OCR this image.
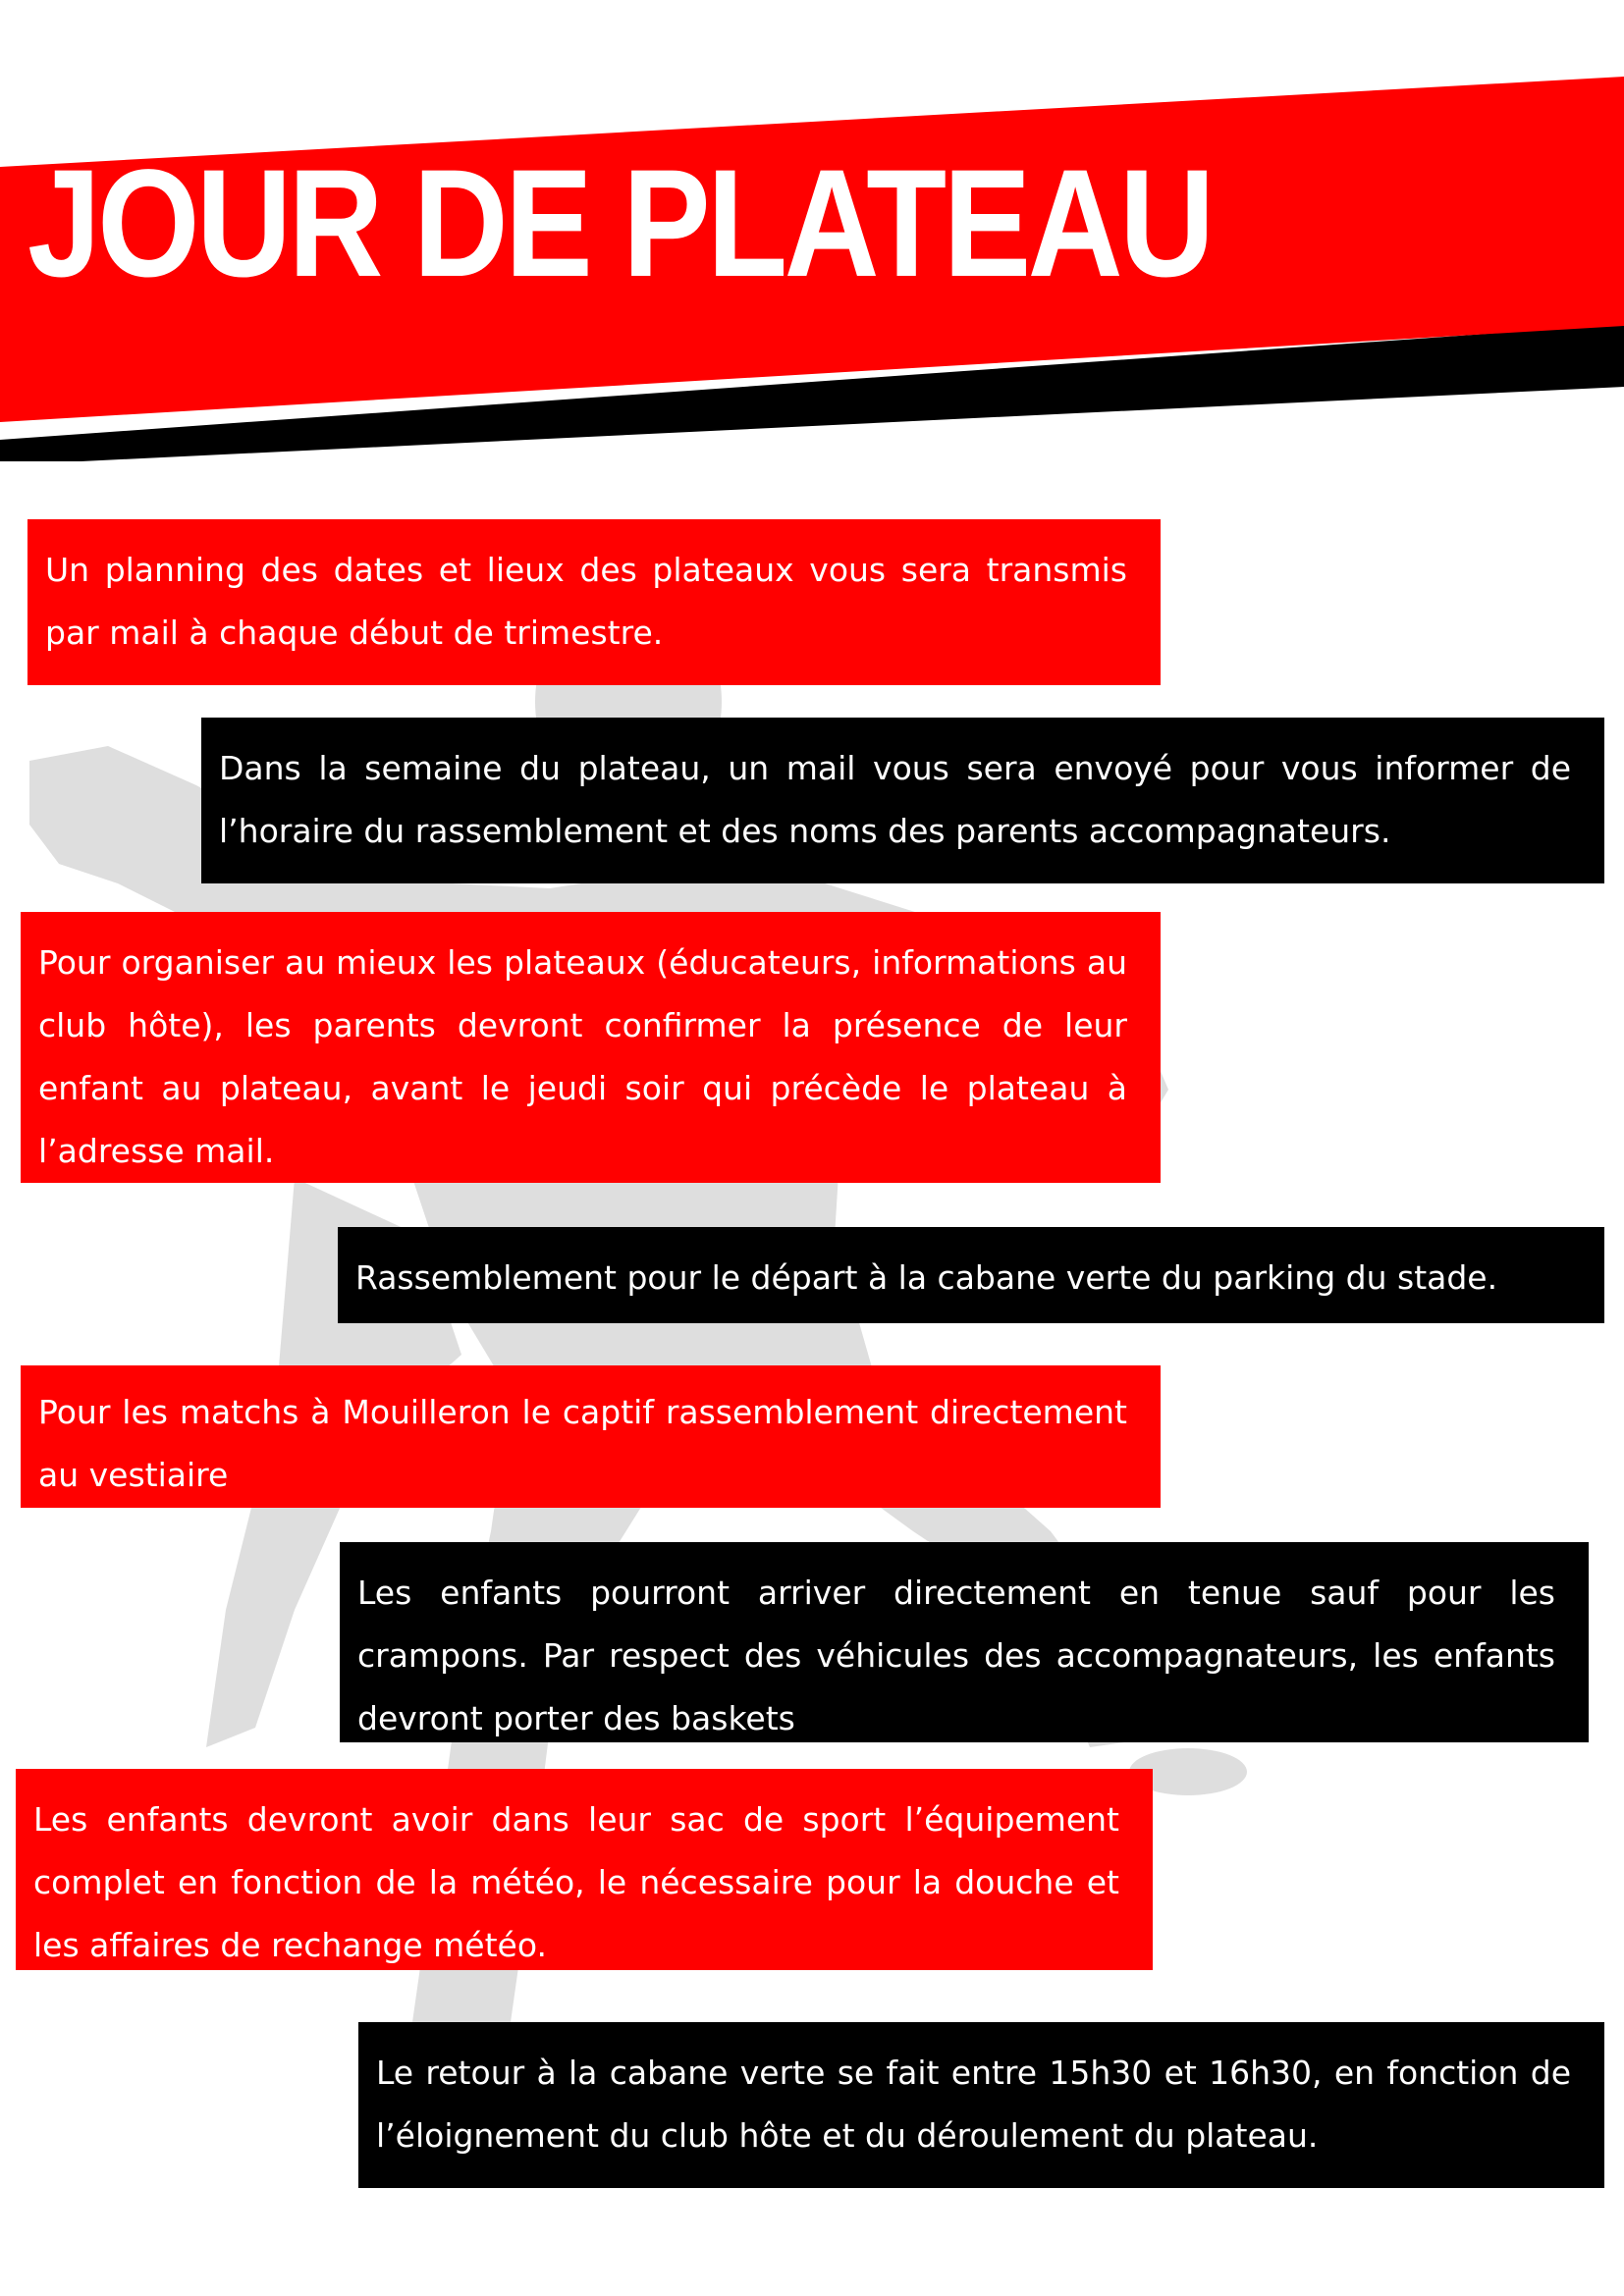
JOUR DE PLATEAU

Un planning des dates et lieux des plateaux vous sera transmis par mail à chaque début de trimestre.

Dans la semaine du plateau, un mail vous sera envoyé pour vous informer de l’horaire du rassemblement et des noms des parents accompagnateurs.

Pour organiser au mieux les plateaux (éducateurs, informations au club hôte), les parents devront confirmer la présence de leur enfant au plateau, avant le jeudi soir qui précède le plateau à l’adresse mail.

Rassemblement pour le départ à la cabane verte du parking du stade.

Pour les matchs à Mouilleron le captif rassemblement directement au vestiaire

Les enfants pourront arriver directement en tenue sauf pour les crampons. Par respect des véhicules des accompagnateurs, les enfants devront porter des baskets

Les enfants devront avoir dans leur sac de sport l’équipement complet en fonction de la météo, le nécessaire pour la douche et les affaires de rechange météo.

Le retour à la cabane verte se fait entre 15h30 et 16h30, en fonction de l’éloignement du club hôte et du déroulement du plateau.
